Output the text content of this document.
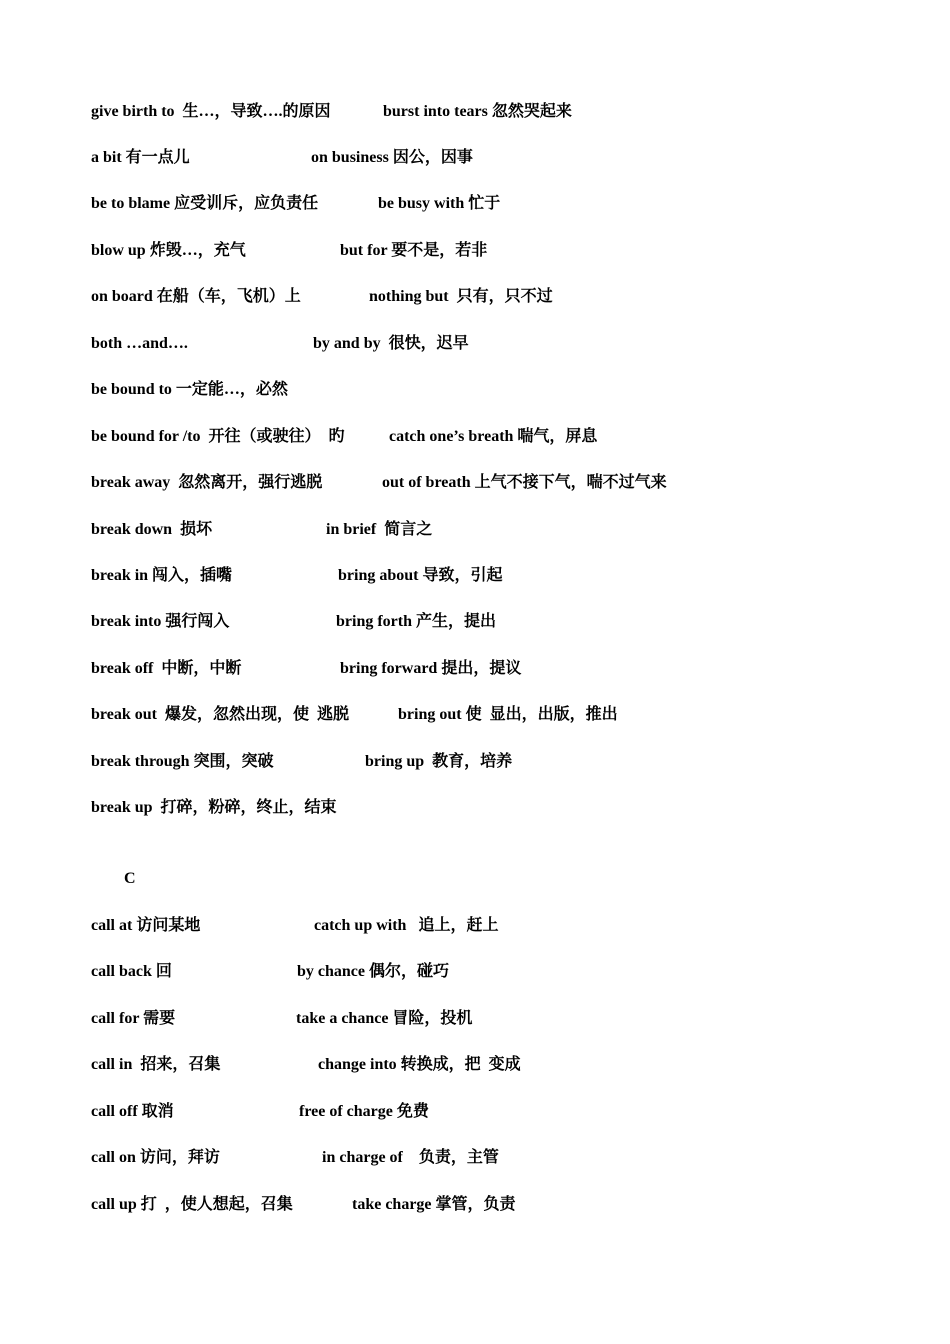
give birth to  生…，导致….的原因	burst into tears 忽然哭起来
a bit 有一点儿	on business 因公，因事
be to blame 应受训斥，应负责任	be busy with 忙于
blow up 炸毁…，充气	but for 要不是，若非
on board 在船（车，飞机）上	nothing but  只有，只不过
both …and….	by and by  很快，迟早
be bound to 一定能…，必然
be bound for /to  开往（或驶往）  旳	catch one’s breath 喘气，屏息
break away  忽然离开，强行逃脱	out of breath 上气不接下气，喘不过气来
break down  损坏	in brief  简言之
break in 闯入，插嘴	bring about 导致，引起
break into 强行闯入	bring forth 产生，提出
break off  中断，中断	bring forward 提出，提议
break out  爆发，忽然出现，使  逃脱	bring out 使  显出，出版，推出
break through 突围，突破	bring up  教育，培养
break up  打碎，粉碎，终止，结束
C
call at 访问某地	catch up with   追上，赶上
call back 回	by chance 偶尔，碰巧
call for 需要	take a chance 冒险，投机
call in  招来，召集	change into 转换成，把  变成
call off 取消	free of charge 免费
call on 访问，拜访	in charge of    负责，主管
call up 打  ，使人想起，召集	take charge 掌管，负责
